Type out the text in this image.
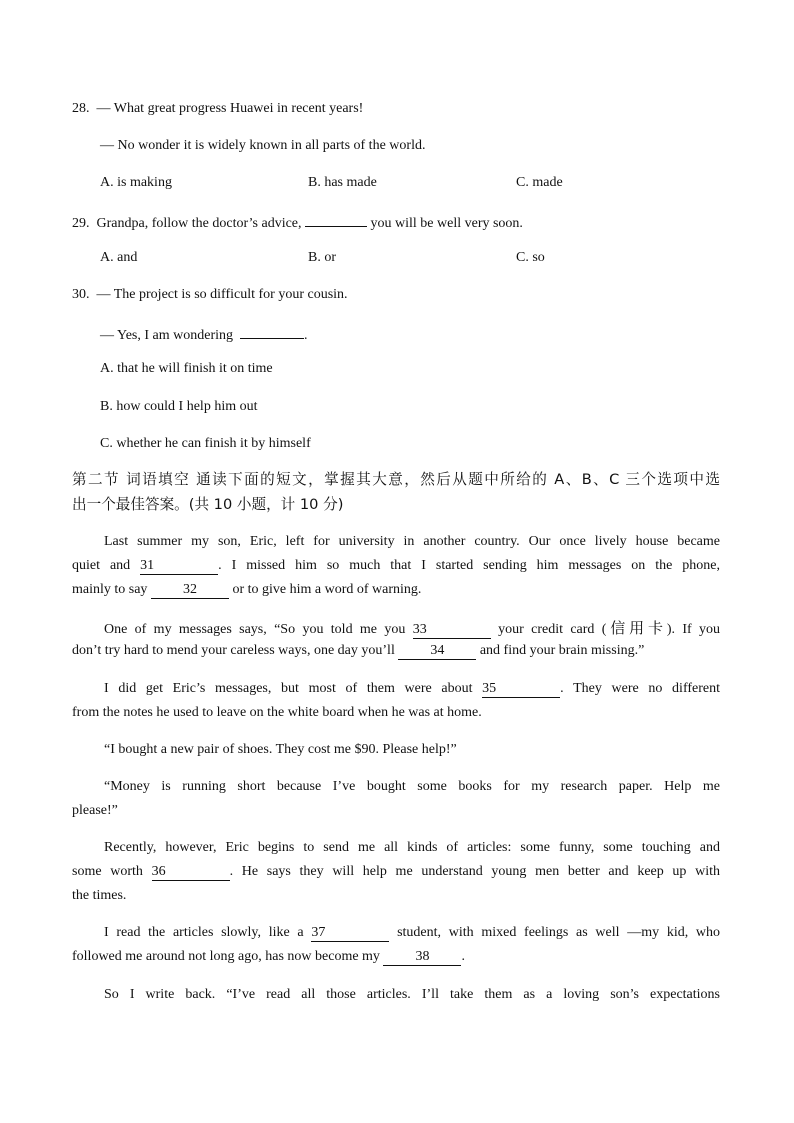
28. — What great progress Huawei in recent years!
— No wonder it is widely known in all parts of the world.
A. is making	B. has made	C. made
29. Grandpa, follow the doctor’s advice,	you will be well very soon.
A. and	B. or	C. so
30. — The project is so difficult for your cousin.
— Yes, I am wondering	.
A. that he will finish it on time
B. how could I help him out
C. whether he can finish it by himself
第二节 词语填空 通读下面的短文，掌握其大意，然后从题中所给的 A、B、C 三个选项中选
出一个最佳答案。(共 10 小题，计 10 分)
Last summer my son, Eric, left for university in another country. Our once lively house became
quiet and 31	. I missed him so much that I started sending him messages on the phone,
mainly to say	32	or to give him a word of warning.
One of my messages says, “So you told me you 33	your credit card (信用卡). If you
don’t try hard to mend your careless ways, one day you’ll	34	and find your brain missing.”
I did get Eric’s messages, but most of them were about 35	. They were no different
from the notes he used to leave on the white board when he was at home.
“I bought a new pair of shoes. They cost me $90. Please help!”
“Money is running short because I’ve bought some books for my research paper. Help me
please!”
Recently, however, Eric begins to send me all kinds of articles: some funny, some touching and
some worth 36	. He says they will help me understand young men better and keep up with
the times.
I read the articles slowly, like a 37	student, with mixed feelings as well —my kid, who
followed me around not long ago, has now become my	38 .
So I write back. “I’ve read all those articles. I’ll take them as a loving son’s expectations
